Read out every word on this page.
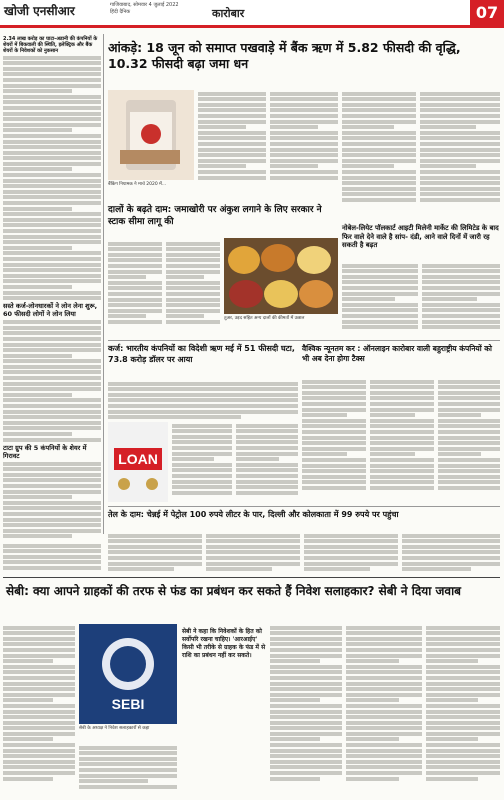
खोजी एनसीआर	गाजियाबाद, सोमवार 4 जुलाई 2022
हिंदी दैनिक	कारोबार	07
2.34 लाख करोड़ का घाटा-अडानी की कंपनियों के शेयरों में बिकवाली की स्थिति, इलेक्ट्रिक और बैंक शेयरों के निवेशकों को नुकसान
सस्ते कर्ज-लोनधारकों ने लोन लेना शुरू, 60 फीसदी लोगों ने लोन लिया
टाटा ग्रुप की 5 कंपनियों के शेयर में गिरावट
आंकड़े: 18 जून को समाप्त पखवाड़े में बैंक ऋण में 5.82 फीसदी की वृद्धि, 10.32 फीसदी बढ़ा जमा धन
बैंकिंग नियामक ने मार्च 2020 में...
दालों के बढ़ते दाम: जमाखोरी पर अंकुश लगाने के लिए सरकार ने स्टाक सीमा लागू की
तुअर, उड़द सहित अन्य दालों की कीमतों में उछाल
नोबेल-लियेट पॉलकार्ट आइटी मिलेनी मार्केट की लिमिटेड के बाद फिर वाले देने वाले है सांप- दंडी, आने वाले दिनों में जारी रह सकती है बढ़त
कर्ज: भारतीय कंपनियों का विदेशी ऋण मई में 51 फीसदी घटा, 73.8 करोड़ डॉलर पर आया
LOAN
वैश्विक न्यूनतम कर : ऑनलाइन कारोबार वाली बहुराष्ट्रीय कंपनियों को भी अब देना होगा टैक्स
तेल के दाम: चेन्नई में पेट्रोल 100 रुपये लीटर के पार, दिल्ली और कोलकाता में 99 रुपये पर पहुंचा
सेबी: क्या आपने ग्राहकों की तरफ से फंड का प्रबंधन कर सकते हैं निवेश सलाहकार? सेबी ने दिया जवाब
SEBI
सेबी के अध्यक्ष ने निवेश सलाहकारों से कहा
सेबी ने कहा कि निवेशकों के हित को सर्वोपरि रखना चाहिए। 'आरआईए' किसी भी तरीके से ग्राहक के फंड में से राशि का प्रबंधन नहीं कर सकते।
